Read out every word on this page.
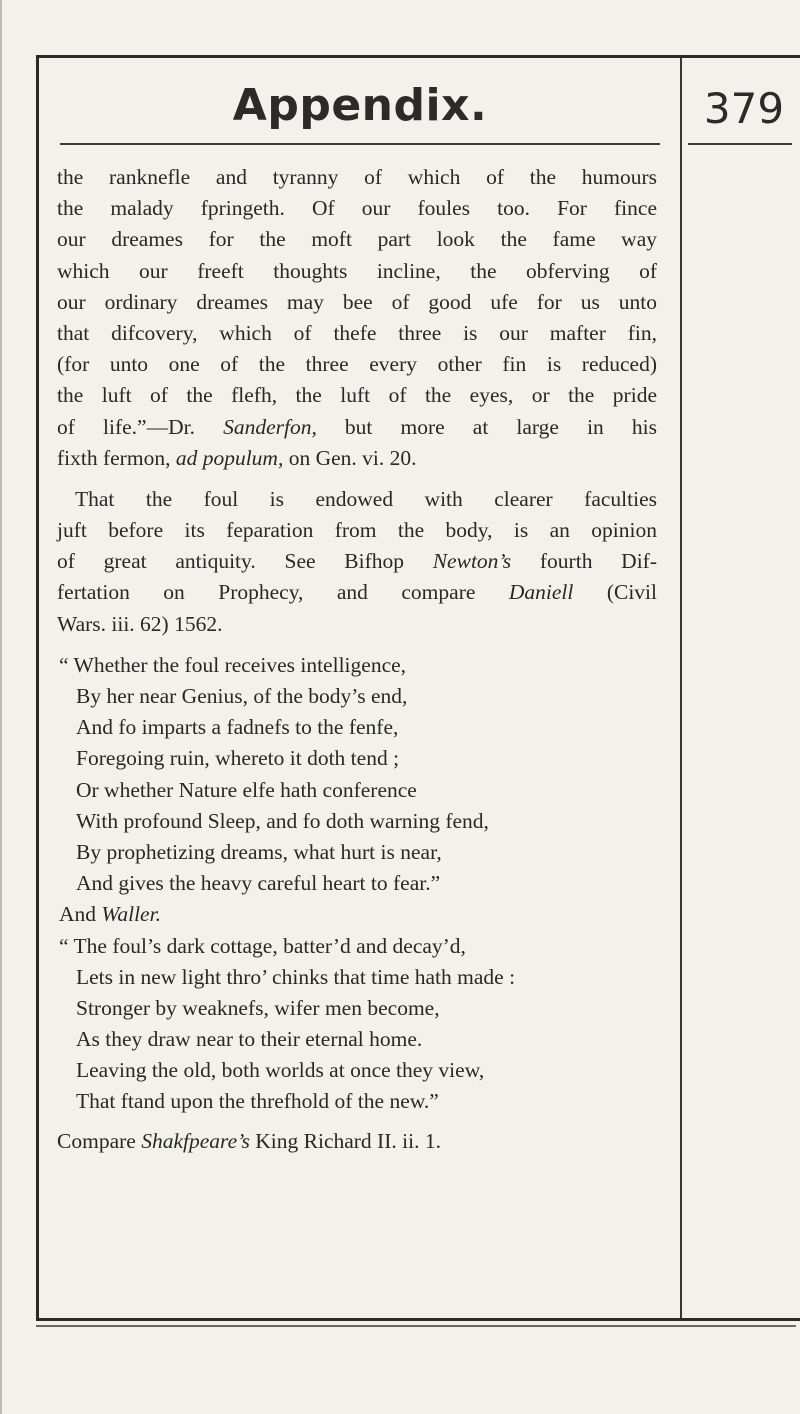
Appendix.	379
the ranknefle and tyranny of which of the humours
the malady fpringeth. Of our foules too. For fince
our dreames for the moft part look the fame way
which our freeft thoughts incline, the obferving of
our ordinary dreames may bee of good ufe for us unto
that difcovery, which of thefe three is our mafter fin,
(for unto one of the three every other fin is reduced)
the luft of the flefh, the luft of the eyes, or the pride
of life.”—Dr. Sanderfon, but more at large in his
fixth fermon, ad populum, on Gen. vi. 20.
That the foul is endowed with clearer faculties
juft before its feparation from the body, is an opinion
of great antiquity. See Bifhop Newton’s fourth Dif-
fertation on Prophecy, and compare Daniell (Civil
Wars. iii. 62) 1562.
“ Whether the foul receives intelligence,
By her near Genius, of the body’s end,
And fo imparts a fadnefs to the fenfe,
Foregoing ruin, whereto it doth tend ;
Or whether Nature elfe hath conference
With profound Sleep, and fo doth warning fend,
By prophetizing dreams, what hurt is near,
And gives the heavy careful heart to fear.”
And Waller.
“ The foul’s dark cottage, batter’d and decay’d,
Lets in new light thro’ chinks that time hath made :
Stronger by weaknefs, wifer men become,
As they draw near to their eternal home.
Leaving the old, both worlds at once they view,
That ftand upon the threfhold of the new.”
Compare Shakfpeare’s King Richard II. ii. 1.
